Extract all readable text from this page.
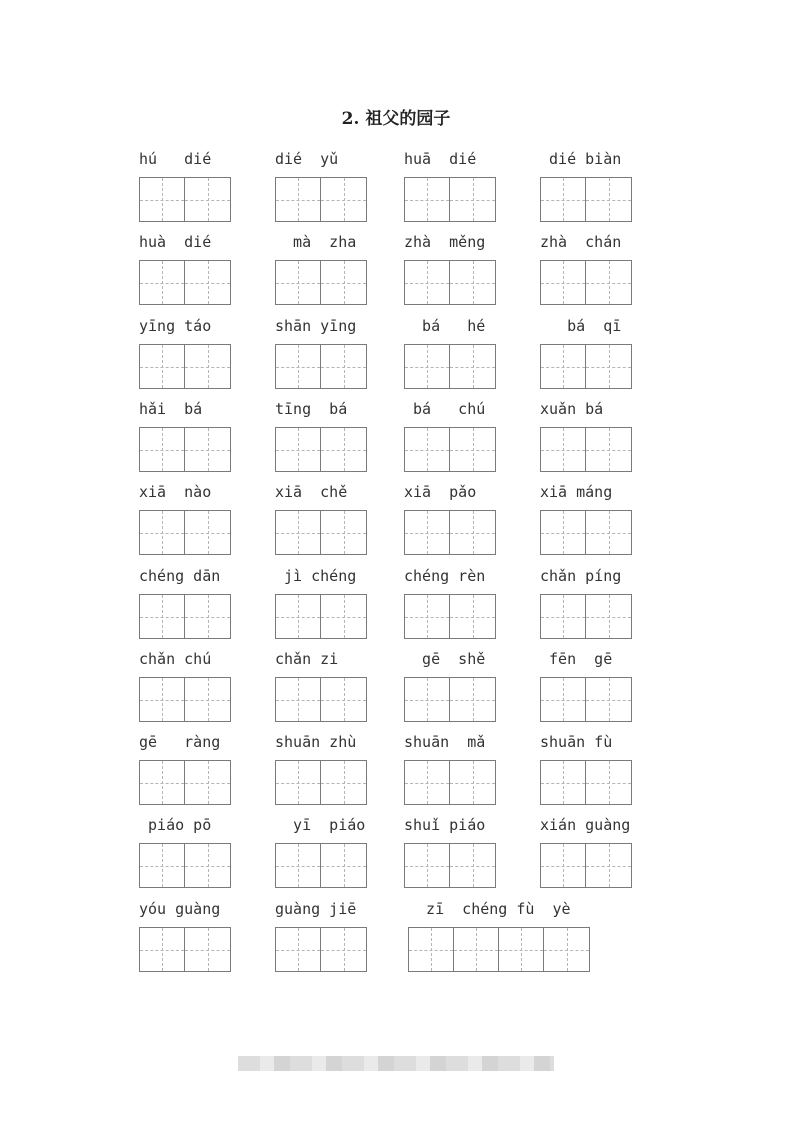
2. 祖父的园子
hú   dié	dié  yǔ	huā  dié	dié biàn
huà  dié	mà  zha	zhà  měng	zhà  chán
yīng táo	shān yīng	bá   hé	bá  qī
hǎi  bá	tīng  bá	bá   chú	xuǎn bá
xiā  nào	xiā  chě	xiā  pǎo	xiā máng
chéng dān	jì chéng	chéng rèn	chǎn píng
chǎn chú	chǎn zi	gē  shě	fēn  gē
gē   ràng	shuān zhù	shuān  mǎ	shuān fù
piáo pō	yī  piáo	shuǐ piáo	xián guàng
yóu guàng	guàng jiē	zī  chéng fù  yè
